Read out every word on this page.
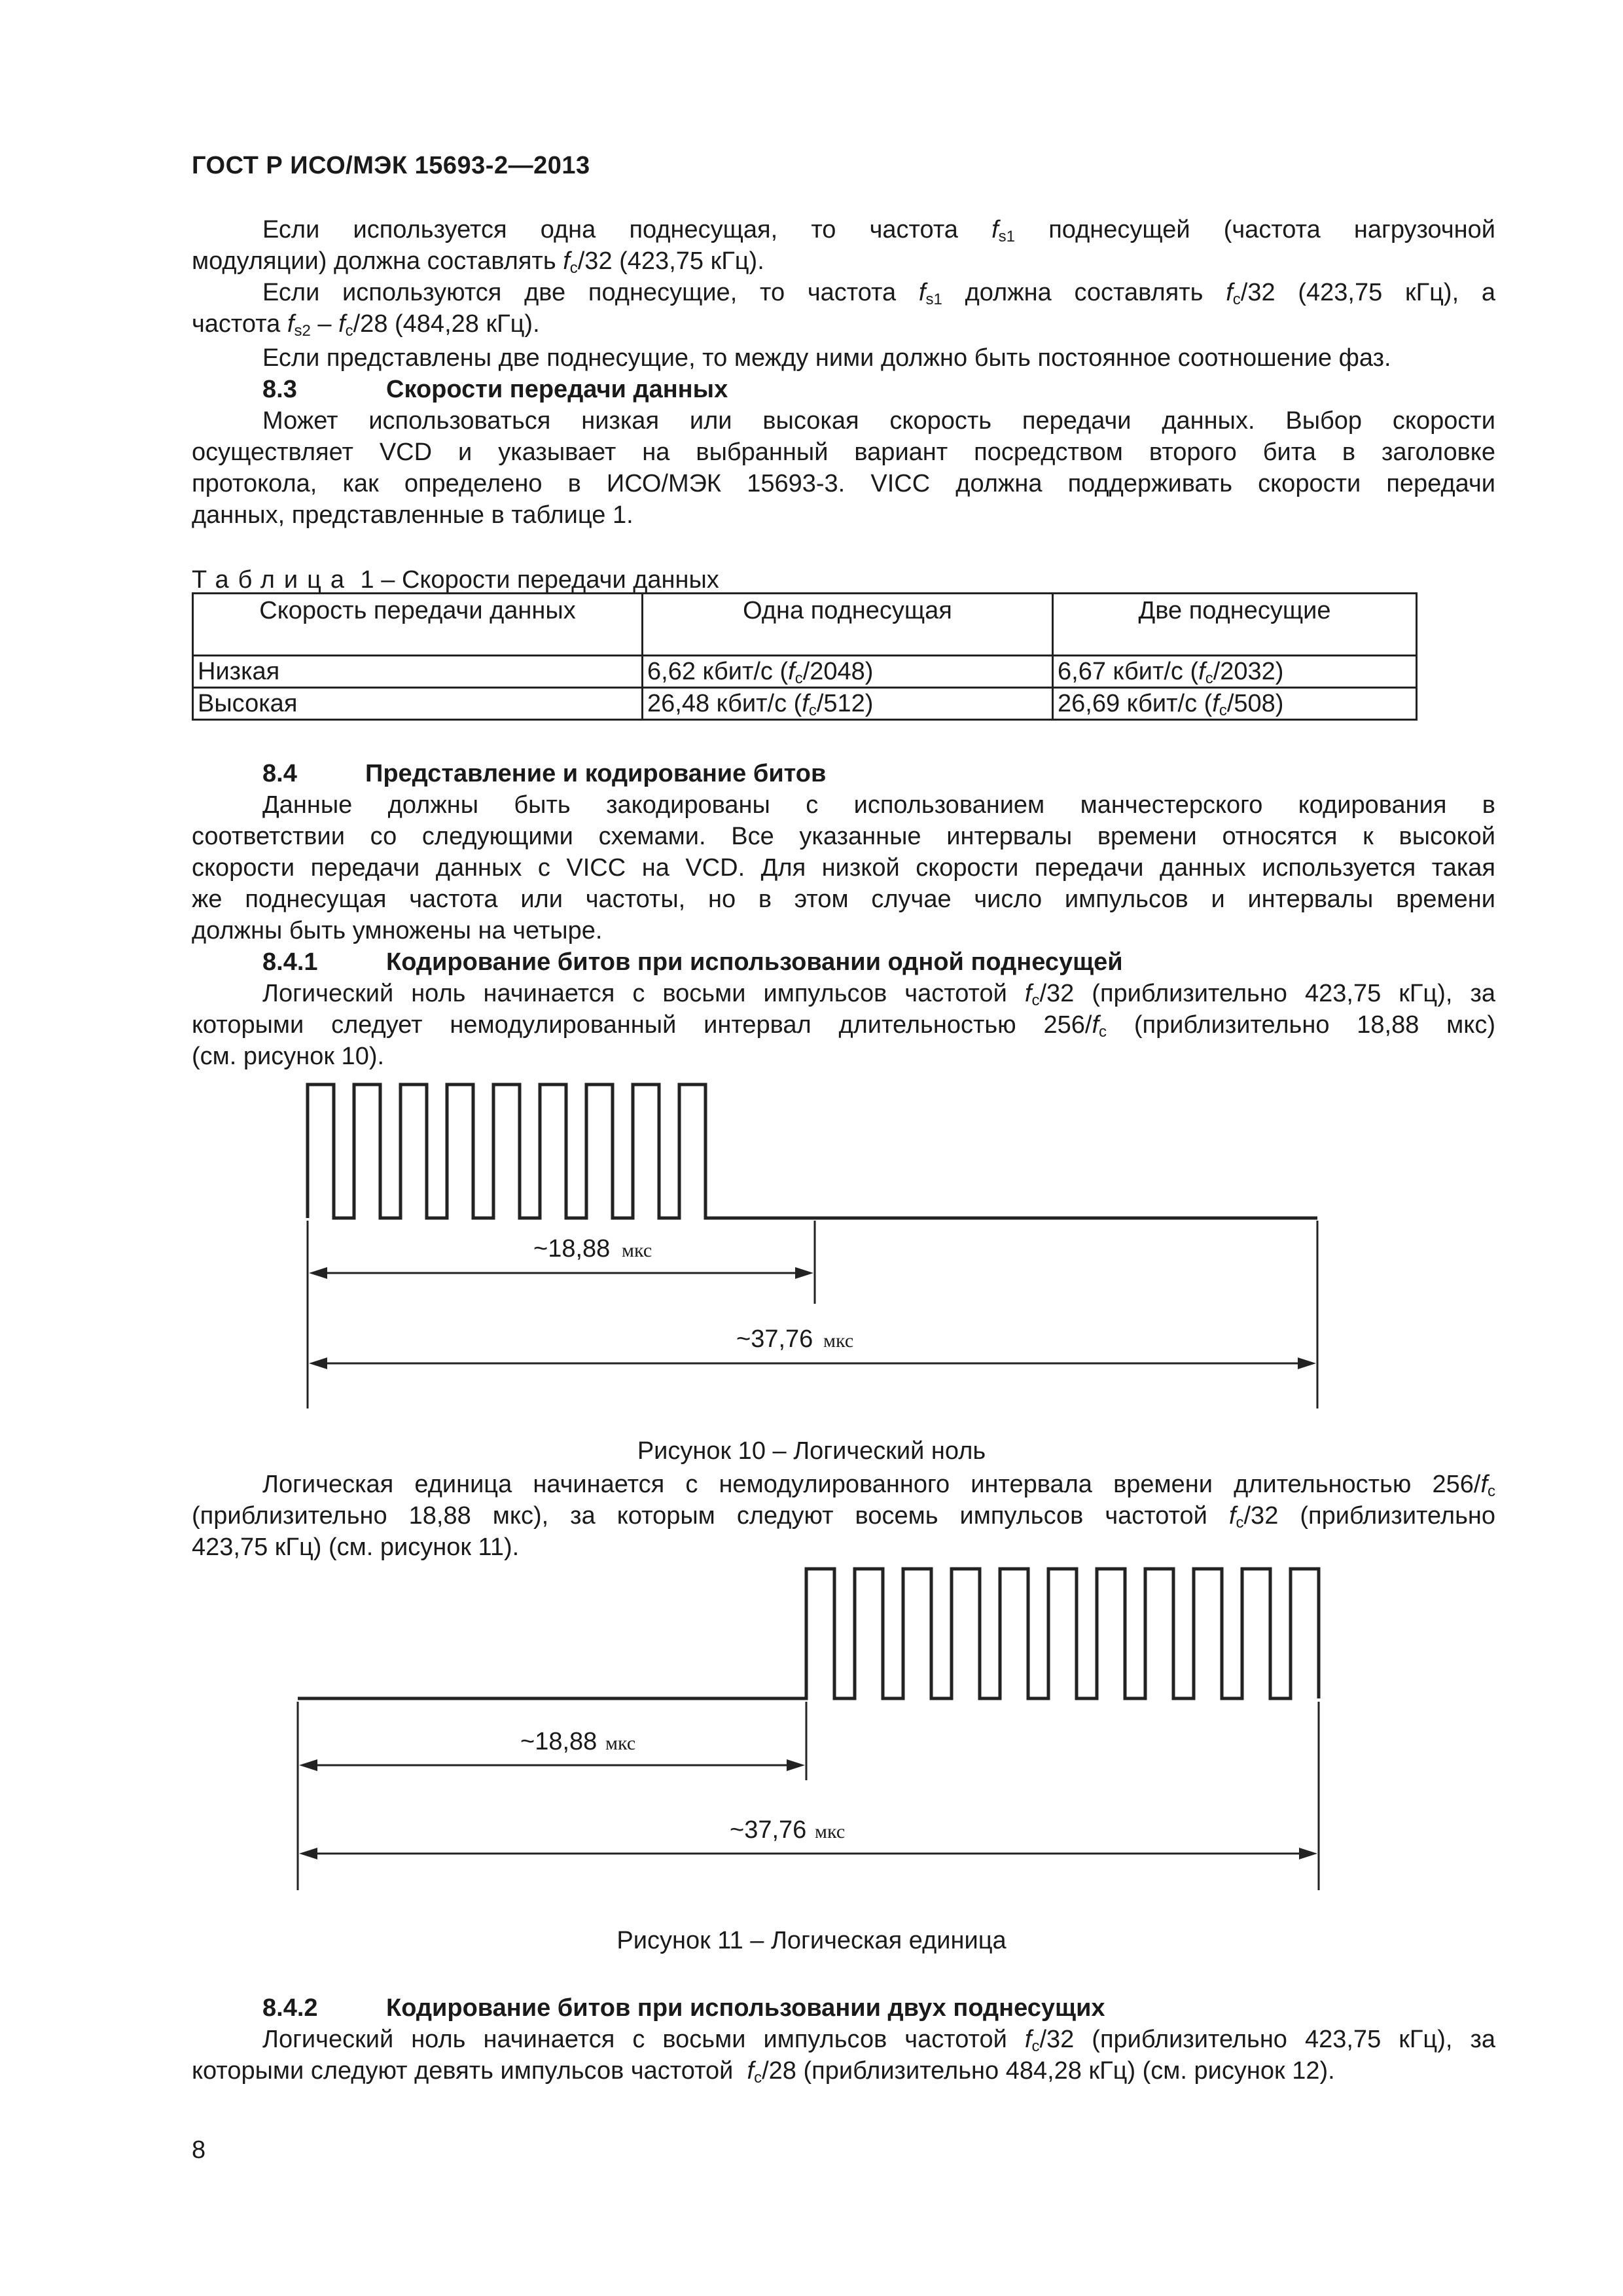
ГОСТ Р ИСО/МЭК 15693-2—2013
Если используется одна поднесущая, то частота $f_{s1}$ поднесущей (частота нагрузочной
модуляции) должна составлять $f_c/32$ (423,75 кГц).
Если используются две поднесущие, то частота $f_{s1}$ должна составлять $f_c/32$ (423,75 кГц), а
частота $f_{s2} - f_c/28$ (484,28 кГц).
Если представлены две поднесущие, то между ними должно быть постоянное соотношение фаз.
8.3	Скорости передачи данных
Может использоваться низкая или высокая скорость передачи данных. Выбор скорости
осуществляет VCD и указывает на выбранный вариант посредством второго бита в заголовке
протокола, как определено в ИСО/МЭК 15693-3. VICC должна поддерживать скорости передачи
данных, представленные в таблице 1.
Таблица 1 – Скорости передачи данных
Скорость передачи данных	Одна поднесущая	Две поднесущие
Низкая	6,62 кбит/с $(f_c/2048)$	6,67 кбит/с $(f_c/2032)$
Высокая	26,48 кбит/с $(f_c/512)$	26,69 кбит/с $(f_c/508)$
8.4	Представление и кодирование битов
Данные должны быть закодированы с использованием манчестерского кодирования в
соответствии со следующими схемами. Все указанные интервалы времени относятся к высокой
скорости передачи данных с VICC на VCD. Для низкой скорости передачи данных используется такая
же поднесущая частота или частоты, но в этом случае число импульсов и интервалы времени
должны быть умножены на четыре.
8.4.1	Кодирование битов при использовании одной поднесущей
Логический ноль начинается с восьми импульсов частотой $f_c/32$ (приблизительно 423,75 кГц), за
которыми следует немодулированный интервал длительностью $256/f_c$ (приблизительно 18,88 мкс)
(см. рисунок 10).
~18,88 мкс
~37,76 мкс
Рисунок 10 – Логический ноль
Логическая единица начинается с немодулированного интервала времени длительностью $256/f_c$
(приблизительно 18,88 мкс), за которым следуют восемь импульсов частотой $f_c/32$ (приблизительно
423,75 кГц) (см. рисунок 11).
~18,88 мкс
~37,76 мкс
Рисунок 11 – Логическая единица
8.4.2	Кодирование битов при использовании двух поднесущих
Логический ноль начинается с восьми импульсов частотой $f_c/32$ (приблизительно 423,75 кГц), за
которыми следуют девять импульсов частотой $f_c/28$ (приблизительно 484,28 кГц) (см. рисунок 12).
8
